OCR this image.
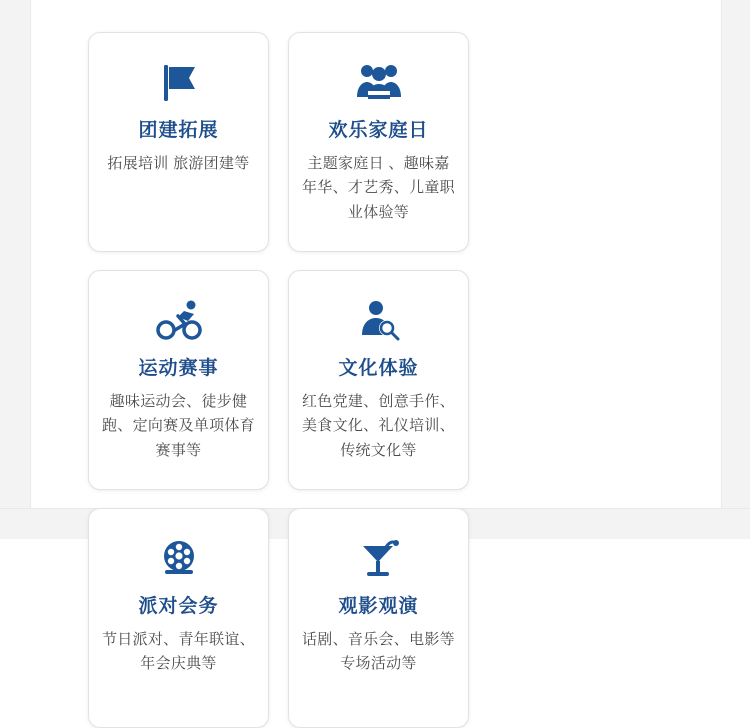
团建拓展
拓展培训 旅游团建等
欢乐家庭日
主题家庭日 、趣味嘉年华、才艺秀、儿童职业体验等
运动赛事
趣味运动会、徒步健跑、定向赛及单项体育赛事等
文化体验
红色党建、创意手作、美食文化、礼仪培训、传统文化等
派对会务
节日派对、青年联谊、年会庆典等
观影观演
话剧、音乐会、电影等专场活动等
